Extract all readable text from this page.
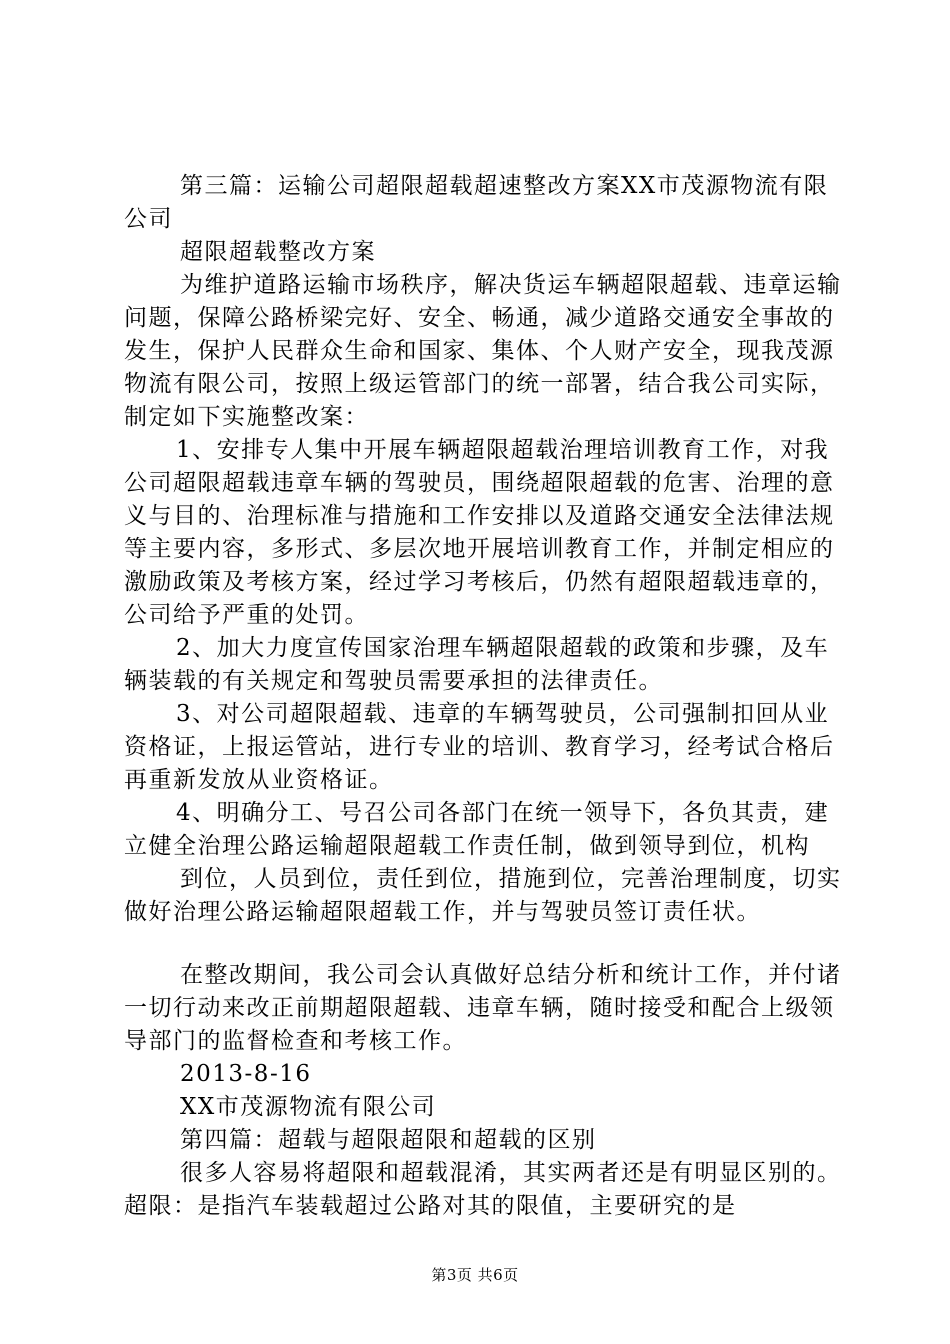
第三篇：运输公司超限超载超速整改方案XX市茂源物流有限公司

超限超载整改方案

为维护道路运输市场秩序，解决货运车辆超限超载、违章运输问题，保障公路桥梁完好、安全、畅通，减少道路交通安全事故的发生，保护人民群众生命和国家、集体、个人财产安全，现我茂源物流有限公司，按照上级运管部门的统一部署，结合我公司实际，制定如下实施整改案：

1、安排专人集中开展车辆超限超载治理培训教育工作，对我公司超限超载违章车辆的驾驶员，围绕超限超载的危害、治理的意义与目的、治理标准与措施和工作安排以及道路交通安全法律法规等主要内容，多形式、多层次地开展培训教育工作，并制定相应的激励政策及考核方案，经过学习考核后，仍然有超限超载违章的，公司给予严重的处罚。

2、加大力度宣传国家治理车辆超限超载的政策和步骤，及车辆装载的有关规定和驾驶员需要承担的法律责任。

3、对公司超限超载、违章的车辆驾驶员，公司强制扣回从业资格证，上报运管站，进行专业的培训、教育学习，经考试合格后再重新发放从业资格证。

4、明确分工、号召公司各部门在统一领导下，各负其责，建立健全治理公路运输超限超载工作责任制，做到领导到位，机构

到位，人员到位，责任到位，措施到位，完善治理制度，切实做好治理公路运输超限超载工作，并与驾驶员签订责任状。

在整改期间，我公司会认真做好总结分析和统计工作，并付诸一切行动来改正前期超限超载、违章车辆，随时接受和配合上级领导部门的监督检查和考核工作。

2013-8-16

XX市茂源物流有限公司

第四篇：超载与超限超限和超载的区别

很多人容易将超限和超载混淆，其实两者还是有明显区别的。超限：是指汽车装载超过公路对其的限值，主要研究的是

第3页 共6页
